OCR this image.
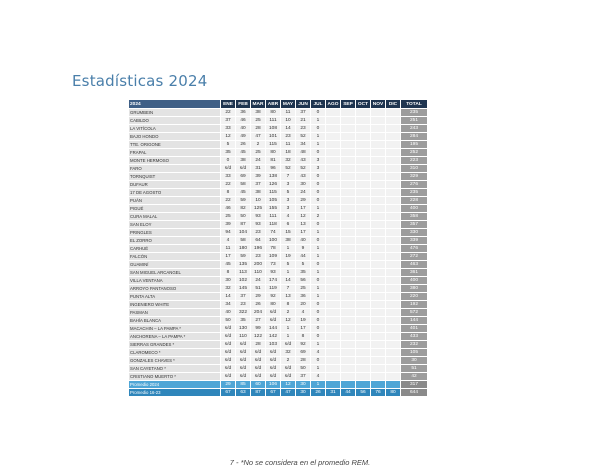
Estadísticas 2024
2024	ENE	FEB	MAR	ABR	MAY	JUN	JUL	AGO	SEP	OCT	NOV	DIC	TOTAL
GRUMBEIN	22	36	38	80	11	37	0						235
CABILDO	37	46	25	111	10	21	1						251
LA VITÍCOLA	33	40	28	108	14	23	0						243
BAJO HONDO	12	49	47	101	23	52	1						284
TTE. ORIGONE	5	26	2	115	11	34	1						195
FRAPAL	35	45	25	80	18	48	0						252
MONTE HERMOSO	0	38	24	81	32	43	3						223
FARO	s/d	s/d	31	96	52	52	3						310
TORNQUIST	33	69	39	138	7	43	0						329
DUFAUR	22	58	37	126	3	30	0						276
17 DE AGOSTO	8	45	38	115	5	24	0						235
PUÁN	22	59	10	105	3	29	0						228
PIGUÉ	46	82	125	155	3	17	1						400
CURA MALAL	25	50	93	111	4	12	2						358
SAN ELOY	39	87	93	118	6	13	0						357
PRINGLES	94	104	23	74	15	17	1						330
EL ZORRO	4	58	64	100	38	40	0						339
CARHUÉ	11	180	196	78	1	9	1						476
FALCÓN	17	59	23	109	19	44	1						272
GUAMINÍ	45	135	200	73	5	5	0						463
SAN MIGUEL ARCANGEL	8	113	110	93	1	35	1						361
VILLA VENTANA	30	102	24	174	14	56	0						400
ARROYO PANTANOSO	32	145	51	119	7	25	1						380
PUNTA ALTA	14	37	29	92	13	36	1						220
INGENIERO WHITE	34	23	26	80	8	20	0						192
PASMAN	40	322	204	s/d	2	4	0						572
BAHÍA BLANCA	50	35	27	s/d	12	19	0						144
MACACHIN – LA PAMPA *	s/d	130	99	144	1	17	0						401
ANCHORENA – LA PAMPA *	s/d	110	122	142	1	8	0						433
SIERRAS GRANDES *	s/d	s/d	28	103	s/d	92	1						232
CLAROMECO *	s/d	s/d	s/d	s/d	32	69	4						105
GONZALES CHAVES *	s/d	s/d	s/d	s/d	2	28	0						30
SAN CAYETANO *	s/d	s/d	s/d	s/d	s/d	50	1						51
CRISTIANO MUERTO *	s/d	s/d	s/d	s/d	s/d	37	4						42
Promedio 2024	29	85	60	106	12	30	1						317
Promedio 16-23	67	63	87	67	47	30	26	31	44	56	76	80	644
7 - *No se considera en el promedio REM.
